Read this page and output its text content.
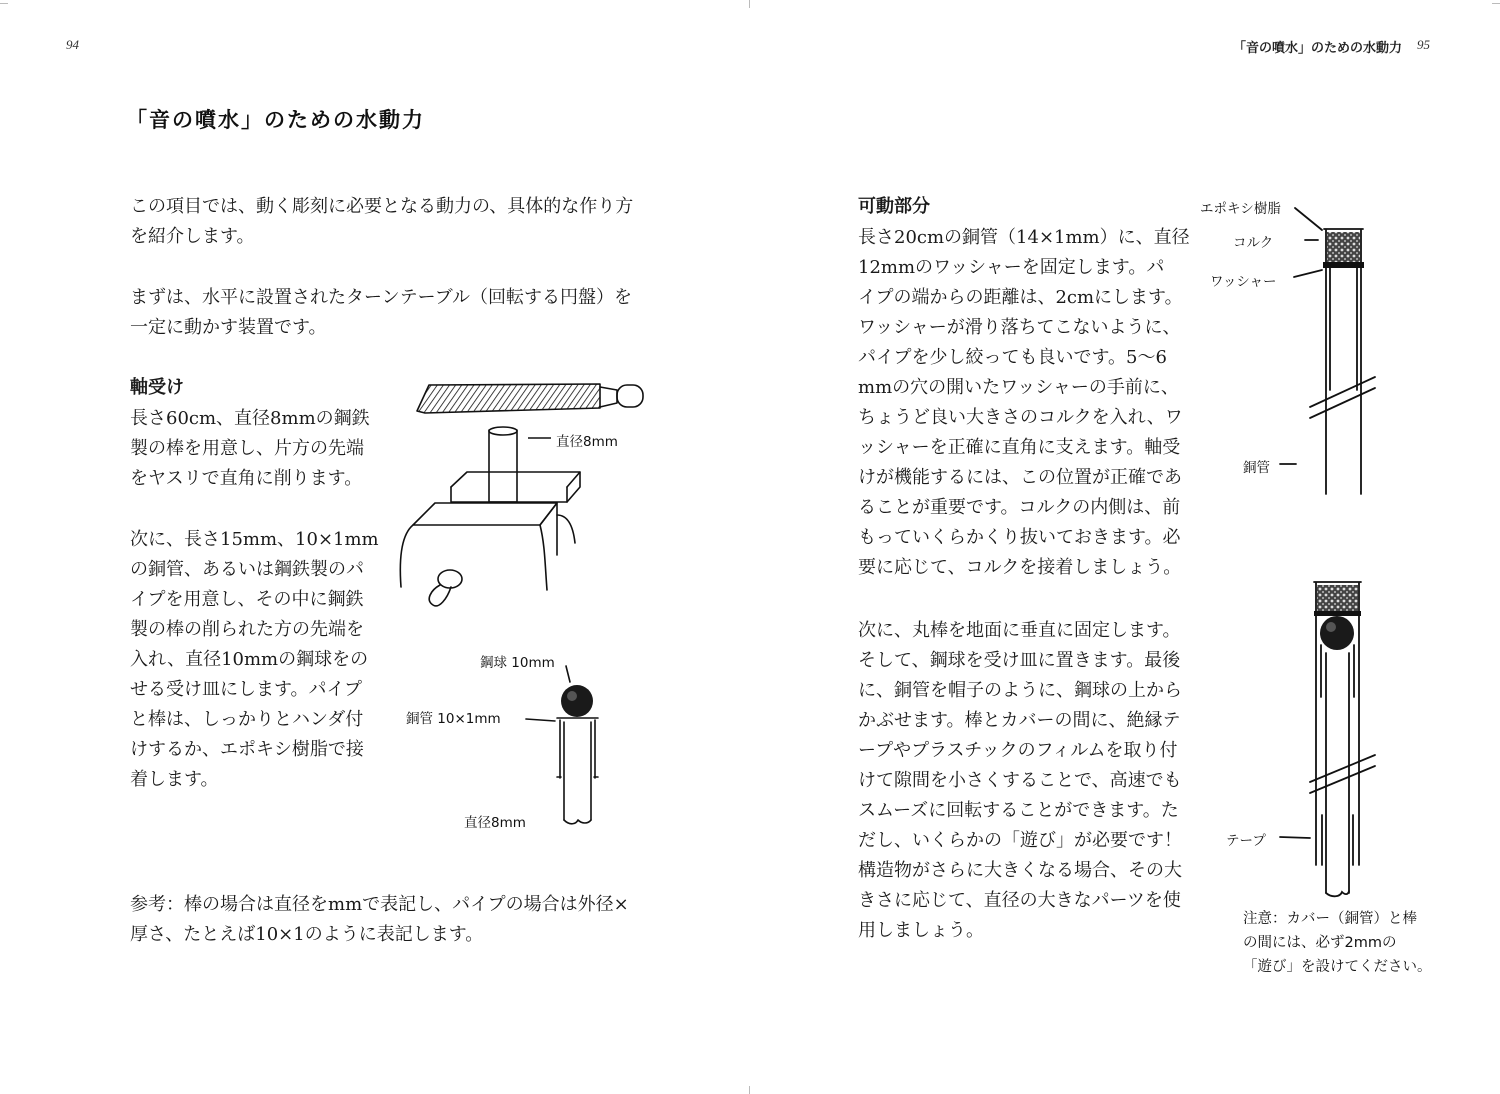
94	「音の噴水」のための水動力 95
「音の噴水」のための水動力
この項目では、動く彫刻に必要となる動力の、具体的な作り方
を紹介します。
まずは、水平に設置されたターンテーブル（回転する円盤）を
一定に動かす装置です。
軸受け
長さ60cm、直径8mmの鋼鉄
製の棒を用意し、片方の先端
をヤスリで直角に削ります。
次に、長さ15mm、10×1mm
の銅管、あるいは鋼鉄製のパ
イプを用意し、その中に鋼鉄
製の棒の削られた方の先端を
入れ、直径10mmの鋼球をの
せる受け皿にします。パイプ
と棒は、しっかりとハンダ付
けするか、エポキシ樹脂で接
着します。
参考：棒の場合は直径をmmで表記し、パイプの場合は外径×
厚さ、たとえば10×1のように表記します。
直径8mm
鋼球 10mm
銅管 10×1mm
直径8mm
可動部分
長さ20cmの銅管（14×1mm）に、直径
12mmのワッシャーを固定します。パ
イプの端からの距離は、2cmにします。
ワッシャーが滑り落ちてこないように、
パイプを少し絞っても良いです。5〜6
mmの穴の開いたワッシャーの手前に、
ちょうど良い大きさのコルクを入れ、ワ
ッシャーを正確に直角に支えます。軸受
けが機能するには、この位置が正確であ
ることが重要です。コルクの内側は、前
もっていくらかくり抜いておきます。必
要に応じて、コルクを接着しましょう。
次に、丸棒を地面に垂直に固定します。
そして、鋼球を受け皿に置きます。最後
に、銅管を帽子のように、鋼球の上から
かぶせます。棒とカバーの間に、絶縁テ
ープやプラスチックのフィルムを取り付
けて隙間を小さくすることで、高速でも
スムーズに回転することができます。た
だし、いくらかの「遊び」が必要です！
構造物がさらに大きくなる場合、その大
きさに応じて、直径の大きなパーツを使
用しましょう。
エポキシ樹脂
コルク
ワッシャー
銅管
テープ
注意：カバー（銅管）と棒
の間には、必ず2mmの
「遊び」を設けてください。
